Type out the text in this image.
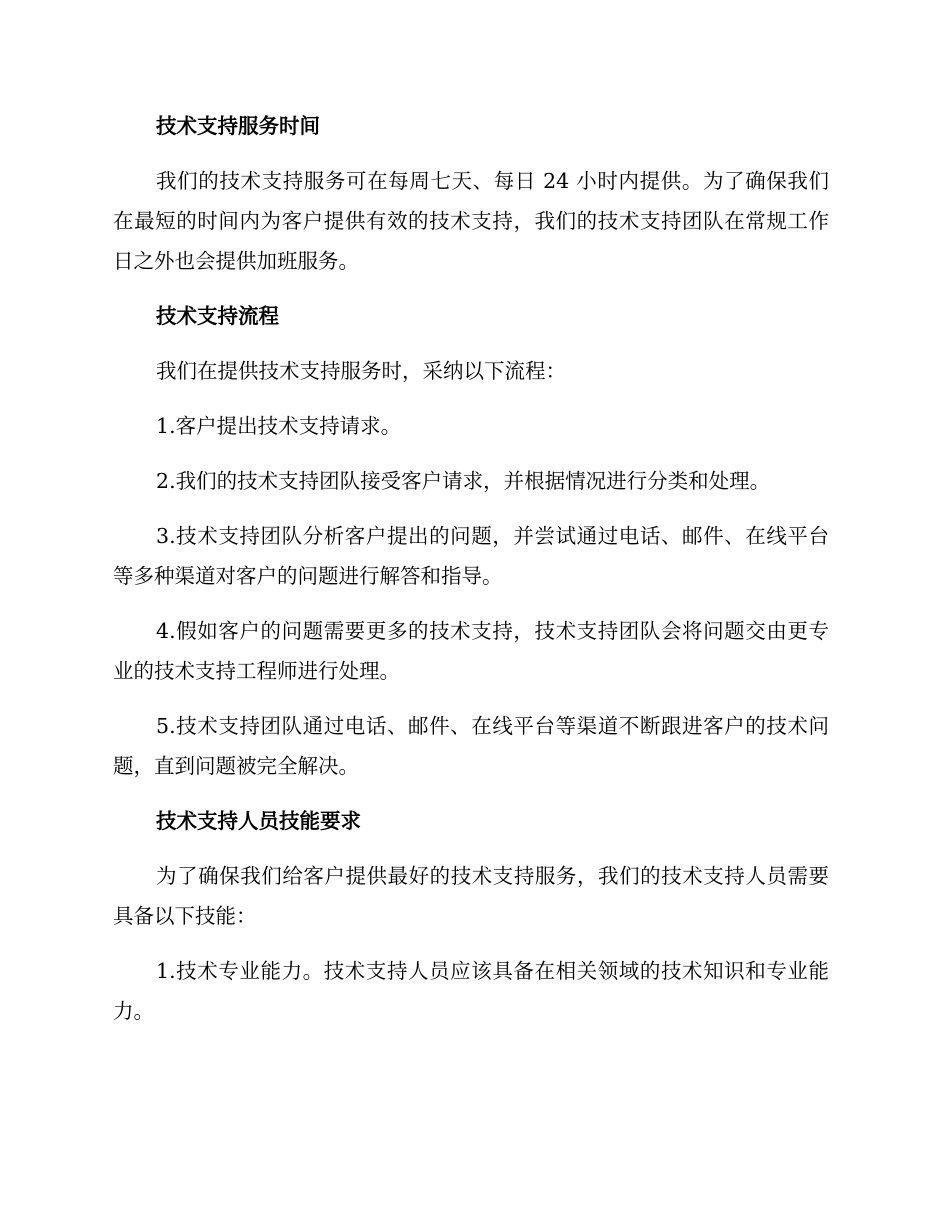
技术支持服务时间

我们的技术支持服务可在每周七天、每日 24 小时内提供。为了确保我们在最短的时间内为客户提供有效的技术支持，我们的技术支持团队在常规工作日之外也会提供加班服务。

技术支持流程

我们在提供技术支持服务时，采纳以下流程：

1.客户提出技术支持请求。

2.我们的技术支持团队接受客户请求，并根据情况进行分类和处理。

3.技术支持团队分析客户提出的问题，并尝试通过电话、邮件、在线平台等多种渠道对客户的问题进行解答和指导。

4.假如客户的问题需要更多的技术支持，技术支持团队会将问题交由更专业的技术支持工程师进行处理。

5.技术支持团队通过电话、邮件、在线平台等渠道不断跟进客户的技术问题，直到问题被完全解决。

技术支持人员技能要求

为了确保我们给客户提供最好的技术支持服务，我们的技术支持人员需要具备以下技能：

1.技术专业能力。技术支持人员应该具备在相关领域的技术知识和专业能力。
